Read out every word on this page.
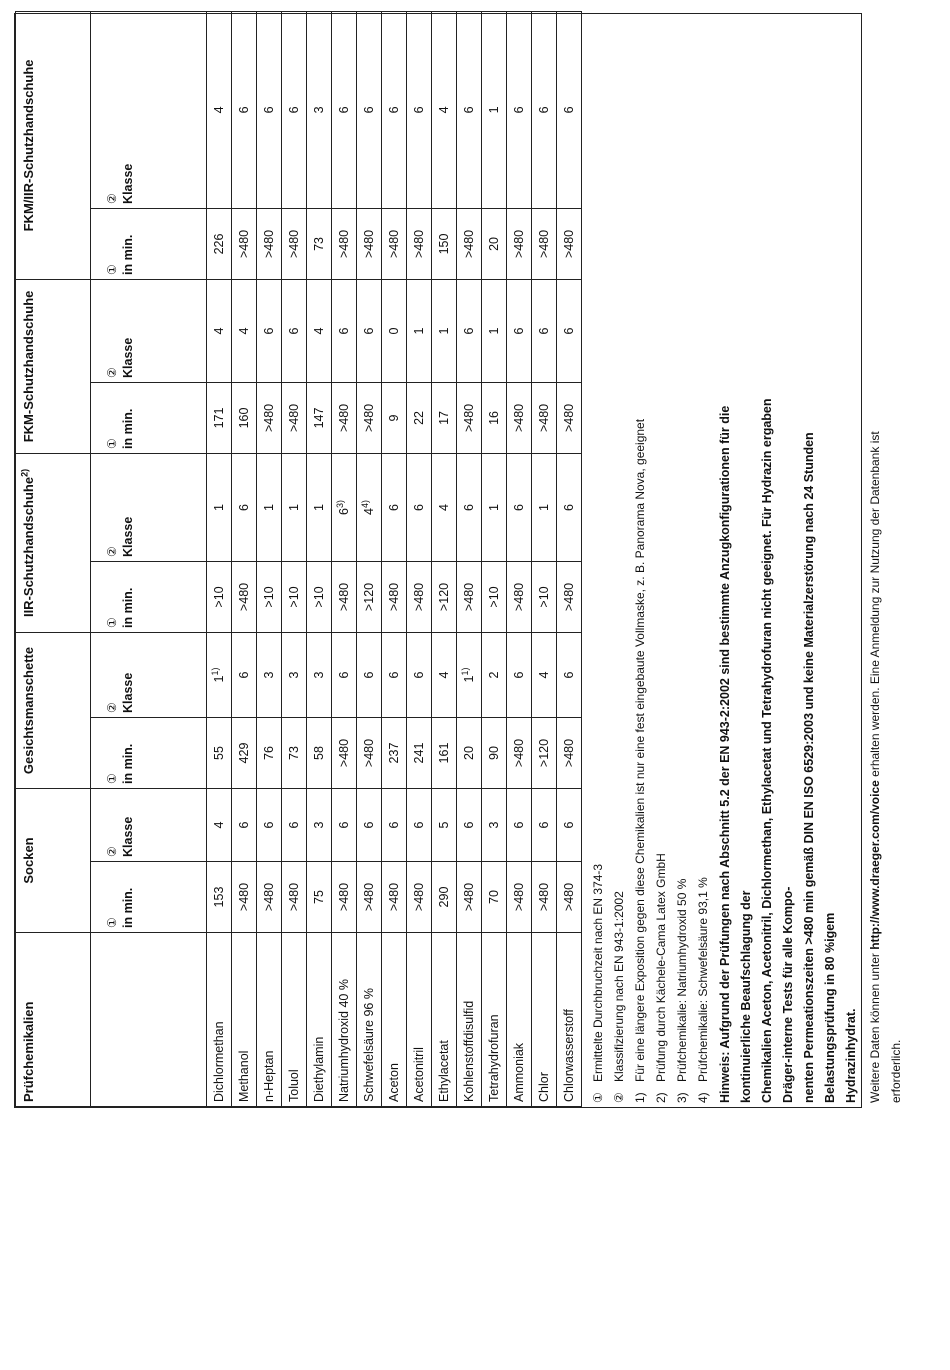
Prüfchemikalien	Socken		Gesichtsmanschette		IIR-Schutzhandschuhe$^{2)}$		FKM-Schutzhandschuhe		FKM/IIR-Schutzhandschuhe	

	① in min.	② Klasse	① in min.	② Klasse	① in min.	② Klasse	① in min.	② Klasse	① in min.	② Klasse
Dichlormethan	153	4	55	$1^{1)}$	>10	1	171	4	226	4
Methanol	>480	6	429	6	>480	6	160	4	>480	6
n-Heptan	>480	6	76	3	>10	1	>480	6	>480	6
Toluol	>480	6	73	3	>10	1	>480	6	>480	6
Diethylamin	75	3	58	3	>10	1	147	4	73	3
Natriumhydroxid 40 %	>480	6	>480	6	>480	$6^{3)}$	>480	6	>480	6
Schwefelsäure 96 %	>480	6	>480	6	>120	$4^{4)}$	>480	6	>480	6
Aceton	>480	6	237	6	>480	6	9	0	>480	6
Acetonitril	>480	6	241	6	>480	6	22	1	>480	6
Ethylacetat	290	5	161	4	>120	4	17	1	150	4
Kohlenstoffdisulfid	>480	6	20	$1^{1)}$	>480	6	>480	6	>480	6
Tetrahydrofuran	70	3	90	2	>10	1	16	1	20	1
Ammoniak	>480	6	>480	6	>480	6	>480	6	>480	6
Chlor	>480	6	>120	4	>10	1	>480	6	>480	6
Chlorwasserstoff	>480	6	>480	6	>480	6	>480	6	>480	6
①
Ermittelte Durchbruchzeit nach EN 374-3
②
Klassifizierung nach EN 943-1:2002
1)
Für eine längere Exposition gegen diese Chemikalien ist nur eine fest eingebaute Vollmaske, z. B. Panorama Nova, geeignet
2)
Prüfung durch Kächele-Cama Latex GmbH
3)
Prüfchemikalie: Natriumhydroxid 50 %
4)
Prüfchemikalie: Schwefelsäure 93,1 % Hinweis: Aufgrund der Prüfungen nach Abschnitt 5.2 der EN 943-2:2002 sind bestimmte Anzugkonfigurationen für die kontinuierliche Beaufschlagung der Chemikalien Aceton, Acetonitril, Dichlormethan, Ethylacetat und Tetrahydrofuran nicht geeignet. Für Hydrazin ergaben Dräger-interne Tests für alle Kompo- nenten Permeationszeiten >480 min gemäß DIN EN ISO 6529:2003 und keine Materialzerstörung nach 24 Stunden Belastungsprüfung in 80 %igem Hydrazinhydrat. Weitere Daten können unter http://www.draeger.com/voice erhalten werden. Eine Anmeldung zur Nutzung der Datenbank ist erforderlich.
